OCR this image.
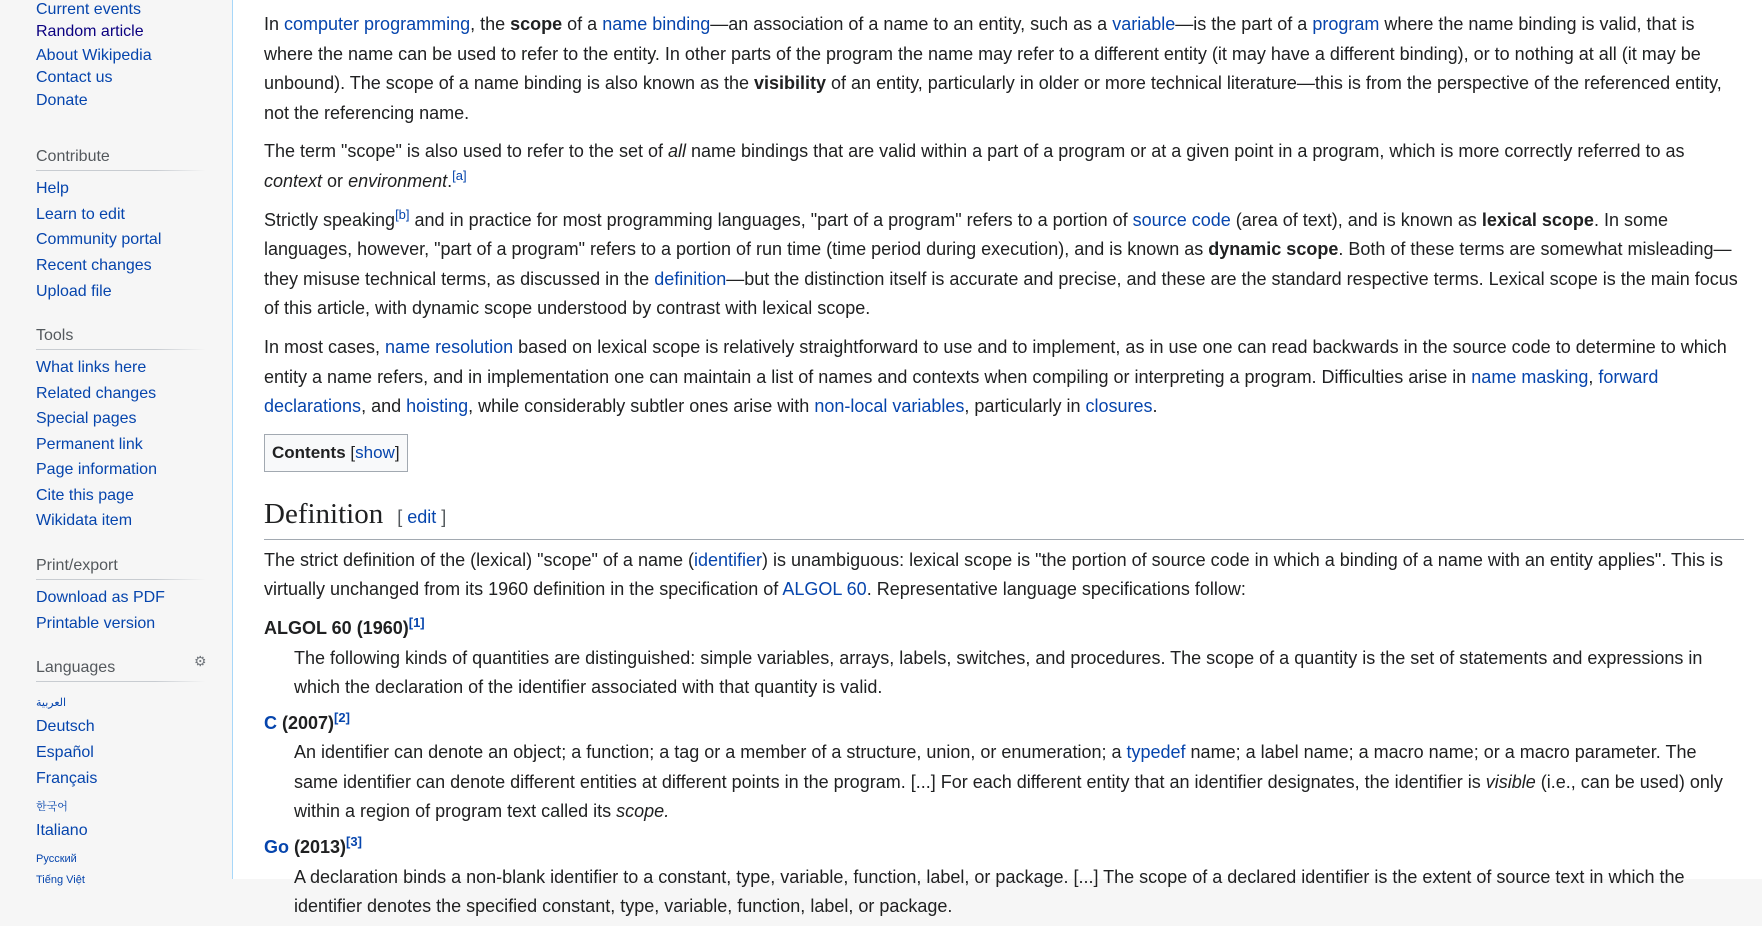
Current events
Random article
About Wikipedia
Contact us
Donate
Contribute
Help
Learn to edit
Community portal
Recent changes
Upload file
Tools
What links here
Related changes
Special pages
Permanent link
Page information
Cite this page
Wikidata item
Print/export
Download as PDF
Printable version
Languages	⚙
العربية
Deutsch
Español
Français
한국어
Italiano
Русский
Tiếng Việt

In computer programming, the scope of a name binding—an association of a name to an entity, such as a variable—is the part of a program where the name binding is valid, that is where the name can be used to refer to the entity. In other parts of the program the name may refer to a different entity (it may have a different binding), or to nothing at all (it may be unbound). The scope of a name binding is also known as the visibility of an entity, particularly in older or more technical literature—this is from the perspective of the referenced entity, not the referencing name.

The term "scope" is also used to refer to the set of all name bindings that are valid within a part of a program or at a given point in a program, which is more correctly referred to as context or environment.[a]

Strictly speaking[b] and in practice for most programming languages, "part of a program" refers to a portion of source code (area of text), and is known as lexical scope. In some languages, however, "part of a program" refers to a portion of run time (time period during execution), and is known as dynamic scope. Both of these terms are somewhat misleading—they misuse technical terms, as discussed in the definition—but the distinction itself is accurate and precise, and these are the standard respective terms. Lexical scope is the main focus of this article, with dynamic scope understood by contrast with lexical scope.

In most cases, name resolution based on lexical scope is relatively straightforward to use and to implement, as in use one can read backwards in the source code to determine to which entity a name refers, and in implementation one can maintain a list of names and contexts when compiling or interpreting a program. Difficulties arise in name masking, forward declarations, and hoisting, while considerably subtler ones arise with non-local variables, particularly in closures.

Contents [show]
Definition [ edit ]

The strict definition of the (lexical) "scope" of a name (identifier) is unambiguous: lexical scope is "the portion of source code in which a binding of a name with an entity applies". This is virtually unchanged from its 1960 definition in the specification of ALGOL 60. Representative language specifications follow:

ALGOL 60 (1960)[1]

The following kinds of quantities are distinguished: simple variables, arrays, labels, switches, and procedures. The scope of a quantity is the set of statements and expressions in which the declaration of the identifier associated with that quantity is valid.

C (2007)[2]

An identifier can denote an object; a function; a tag or a member of a structure, union, or enumeration; a typedef name; a label name; a macro name; or a macro parameter. The same identifier can denote different entities at different points in the program. [...] For each different entity that an identifier designates, the identifier is visible (i.e., can be used) only within a region of program text called its scope.

Go (2013)[3]

A declaration binds a non-blank identifier to a constant, type, variable, function, label, or package. [...] The scope of a declared identifier is the extent of source text in which the identifier denotes the specified constant, type, variable, function, label, or package.
